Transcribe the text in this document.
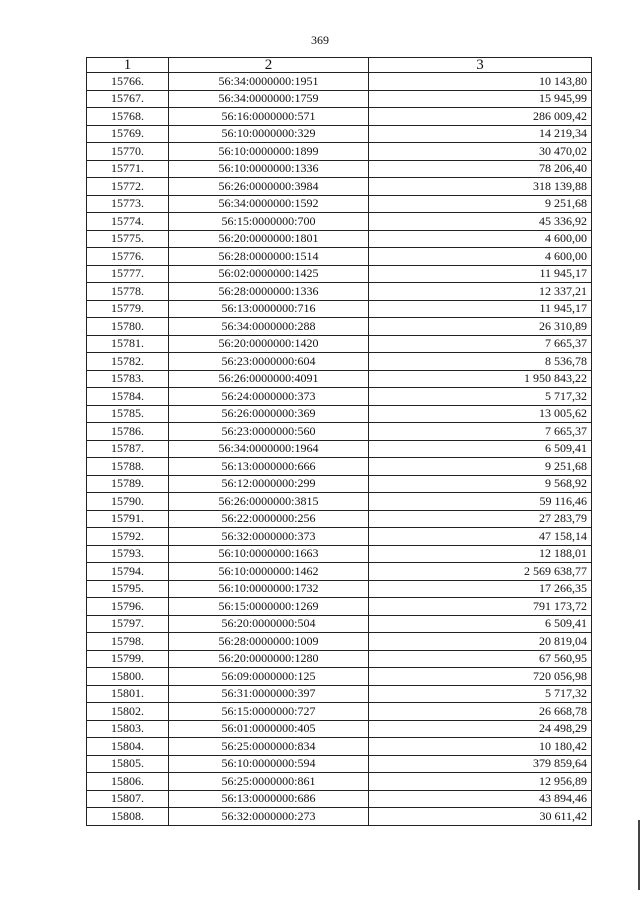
369
1	2	3
15766.	56:34:0000000:1951	10 143,80
15767.	56:34:0000000:1759	15 945,99
15768.	56:16:0000000:571	286 009,42
15769.	56:10:0000000:329	14 219,34
15770.	56:10:0000000:1899	30 470,02
15771.	56:10:0000000:1336	78 206,40
15772.	56:26:0000000:3984	318 139,88
15773.	56:34:0000000:1592	9 251,68
15774.	56:15:0000000:700	45 336,92
15775.	56:20:0000000:1801	4 600,00
15776.	56:28:0000000:1514	4 600,00
15777.	56:02:0000000:1425	11 945,17
15778.	56:28:0000000:1336	12 337,21
15779.	56:13:0000000:716	11 945,17
15780.	56:34:0000000:288	26 310,89
15781.	56:20:0000000:1420	7 665,37
15782.	56:23:0000000:604	8 536,78
15783.	56:26:0000000:4091	1 950 843,22
15784.	56:24:0000000:373	5 717,32
15785.	56:26:0000000:369	13 005,62
15786.	56:23:0000000:560	7 665,37
15787.	56:34:0000000:1964	6 509,41
15788.	56:13:0000000:666	9 251,68
15789.	56:12:0000000:299	9 568,92
15790.	56:26:0000000:3815	59 116,46
15791.	56:22:0000000:256	27 283,79
15792.	56:32:0000000:373	47 158,14
15793.	56:10:0000000:1663	12 188,01
15794.	56:10:0000000:1462	2 569 638,77
15795.	56:10:0000000:1732	17 266,35
15796.	56:15:0000000:1269	791 173,72
15797.	56:20:0000000:504	6 509,41
15798.	56:28:0000000:1009	20 819,04
15799.	56:20:0000000:1280	67 560,95
15800.	56:09:0000000:125	720 056,98
15801.	56:31:0000000:397	5 717,32
15802.	56:15:0000000:727	26 668,78
15803.	56:01:0000000:405	24 498,29
15804.	56:25:0000000:834	10 180,42
15805.	56:10:0000000:594	379 859,64
15806.	56:25:0000000:861	12 956,89
15807.	56:13:0000000:686	43 894,46
15808.	56:32:0000000:273	30 611,42
